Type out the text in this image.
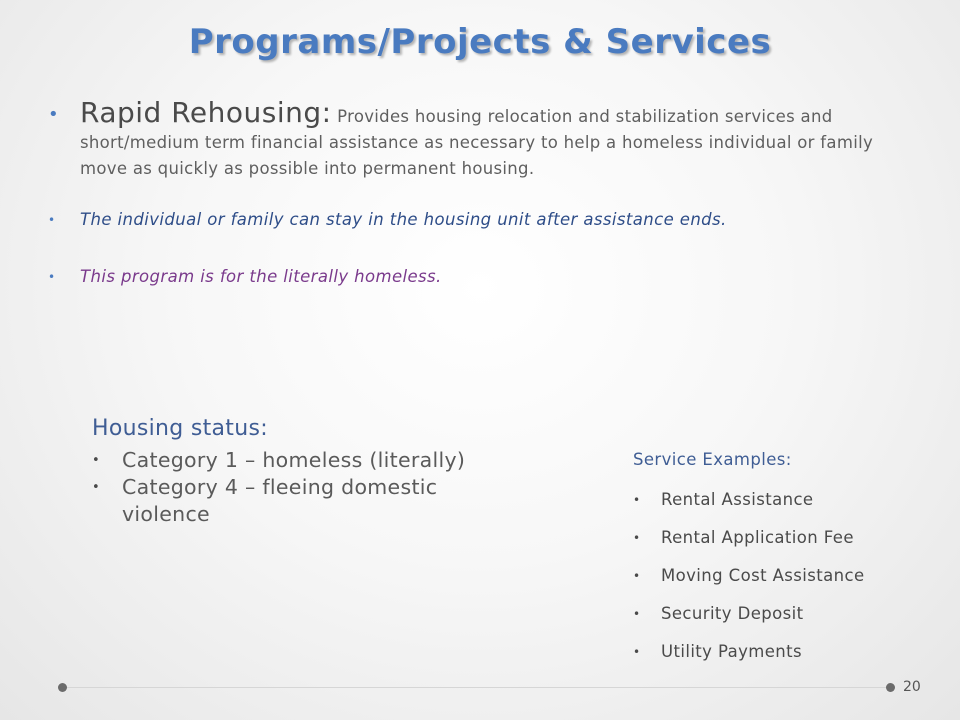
Programs/Projects & Services
• Rapid Rehousing: Provides housing relocation and stabilization services and short/medium term financial assistance as necessary to help a homeless individual or family move as quickly as possible into permanent housing.
• The individual or family can stay in the housing unit after assistance ends.
• This program is for the literally homeless.
Housing status:
• Category 1 – homeless (literally)
• Category 4 – fleeing domestic violence
Service Examples:
• Rental Assistance
• Rental Application Fee
• Moving Cost Assistance
• Security Deposit
• Utility Payments
20
